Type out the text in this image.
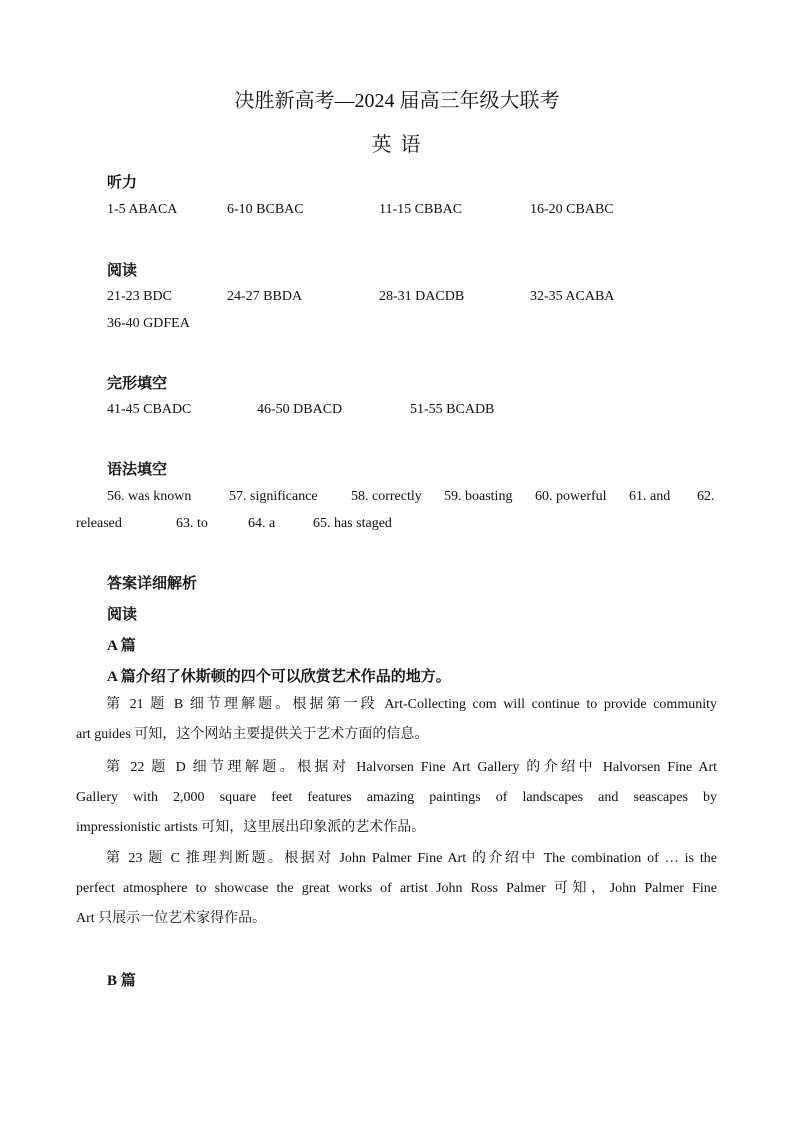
决胜新高考—2024 届高三年级大联考
英 语
听力
1-5 ABACA	6-10 BCBAC	11-15 CBBAC	16-20 CBABC
阅读
21-23 BDC	24-27 BBDA	28-31 DACDB	32-35 ACABA
36-40 GDFEA
完形填空
41-45 CBADC	46-50 DBACD	51-55 BCADB
语法填空
56. was known	57. significance 58. correctly 59. boasting 60. powerful 61. and 62.
released	63. to	64. a	65. has staged
答案详细解析
阅读
A 篇
A 篇介绍了休斯顿的四个可以欣赏艺术作品的地方。
第 21 题 B 细节理解题。根据第一段 Art-Collecting com will continue to provide community
art guides 可知，这个网站主要提供关于艺术方面的信息。
第 22 题 D 细节理解题。根据对 Halvorsen Fine Art Gallery 的介绍中 Halvorsen Fine Art
Gallery with 2,000 square feet features amazing paintings of landscapes and seascapes by
impressionistic artists 可知，这里展出印象派的艺术作品。
第 23 题 C 推理判断题。根据对 John Palmer Fine Art 的介绍中 The combination of … is the
perfect atmosphere to showcase the great works of artist John Ross Palmer 可知，John Palmer Fine
Art 只展示一位艺术家得作品。
B 篇
